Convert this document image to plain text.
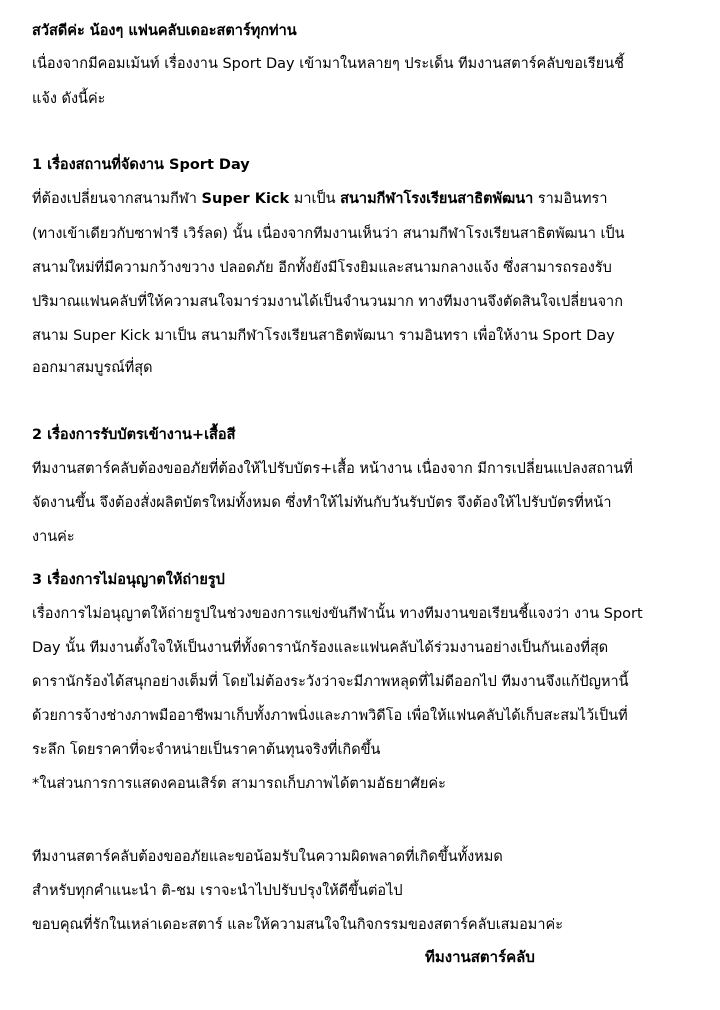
สวัสดีค่ะ น้องๆ แฟนคลับเดอะสตาร์ทุกท่าน
เนื่องจากมีคอมเม้นท์ เรื่องงาน Sport Day เข้ามาในหลายๆ ประเด็น ทีมงานสตาร์คลับขอเรียนชี้
แจ้ง ดังนี้ค่ะ
1 เรื่องสถานที่จัดงาน Sport Day
ที่ต้องเปลี่ยนจากสนามกีฬา Super Kick มาเป็น สนามกีฬาโรงเรียนสาธิตพัฒนา รามอินทรา
(ทางเข้าเดียวกับซาฟารี เวิร์ลด) นั้น เนื่องจากทีมงานเห็นว่า สนามกีฬาโรงเรียนสาธิตพัฒนา เป็น
สนามใหม่ที่มีความกว้างขวาง ปลอดภัย อีกทั้งยังมีโรงยิมและสนามกลางแจ้ง ซึ่งสามารถรองรับ
ปริมาณแฟนคลับที่ให้ความสนใจมาร่วมงานได้เป็นจำนวนมาก ทางทีมงานจึงตัดสินใจเปลี่ยนจาก
สนาม Super Kick มาเป็น สนามกีฬาโรงเรียนสาธิตพัฒนา รามอินทรา เพื่อให้งาน Sport Day
ออกมาสมบูรณ์ที่สุด
2 เรื่องการรับบัตรเข้างาน+เสื้อสี
ทีมงานสตาร์คลับต้องขออภัยที่ต้องให้ไปรับบัตร+เสื้อ หน้างาน เนื่องจาก มีการเปลี่ยนแปลงสถานที่
จัดงานขึ้น จึงต้องสั่งผลิตบัตรใหม่ทั้งหมด ซึ่งทำให้ไม่ทันกับวันรับบัตร จึงต้องให้ไปรับบัตรที่หน้า
งานค่ะ
3 เรื่องการไม่อนุญาตให้ถ่ายรูป
เรื่องการไม่อนุญาตให้ถ่ายรูปในช่วงของการแข่งขันกีฬานั้น ทางทีมงานขอเรียนชี้แจงว่า งาน Sport
Day นั้น ทีมงานตั้งใจให้เป็นงานที่ทั้งดารานักร้องและแฟนคลับได้ร่วมงานอย่างเป็นกันเองที่สุด
ดารานักร้องได้สนุกอย่างเต็มที่ โดยไม่ต้องระวังว่าจะมีภาพหลุดที่ไม่ดีออกไป ทีมงานจึงแก้ปัญหานี้
ด้วยการจ้างช่างภาพมืออาชีพมาเก็บทั้งภาพนิ่งและภาพวิดีโอ เพื่อให้แฟนคลับได้เก็บสะสมไว้เป็นที่
ระลึก โดยราคาที่จะจำหน่ายเป็นราคาต้นทุนจริงที่เกิดขึ้น
*ในส่วนการการแสดงคอนเสิร์ต สามารถเก็บภาพได้ตามอัธยาศัยค่ะ
ทีมงานสตาร์คลับต้องขออภัยและขอน้อมรับในความผิดพลาดที่เกิดขึ้นทั้งหมด
สำหรับทุกคำแนะนำ ติ-ชม เราจะนำไปปรับปรุงให้ดีขึ้นต่อไป
ขอบคุณที่รักในเหล่าเดอะสตาร์ และให้ความสนใจในกิจกรรมของสตาร์คลับเสมอมาค่ะ
ทีมงานสตาร์คลับ
